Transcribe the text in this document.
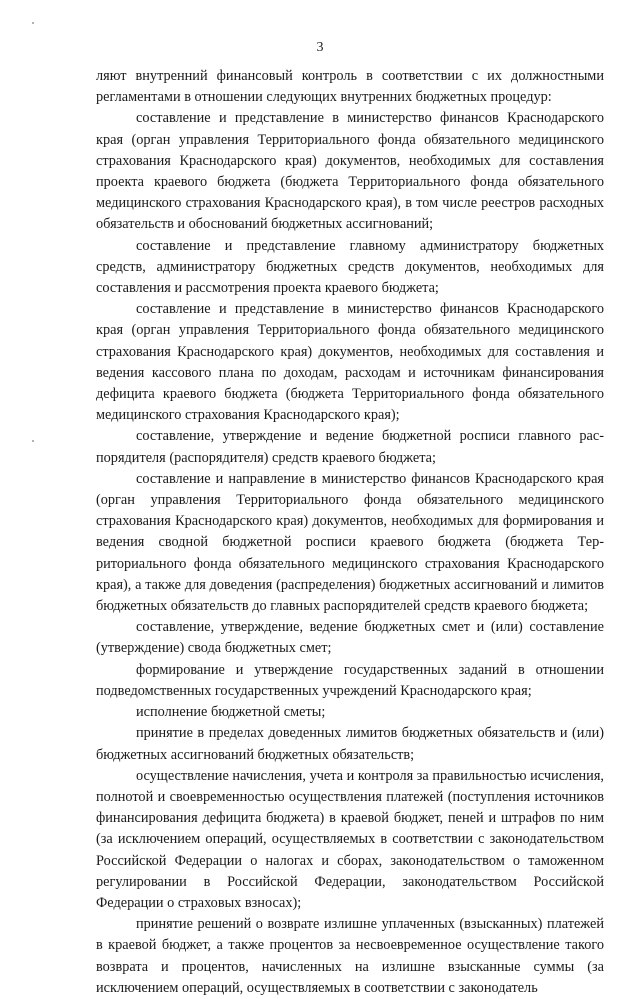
3

ляют внутренний финансовый контроль в соответствии с их должностными регламентами в отношении следующих внутренних бюджетных процедур:

составление и представление в министерство финансов Краснодарского края (орган управления Территориального фонда обязательного медицинского страхования Краснодарского края) документов, необходимых для составления проекта краевого бюджета (бюджета Территориального фонда обязательного медицинского страхования Краснодарского края), в том числе реестров расходных обязательств и обоснований бюджетных ассигнований;

составление и представление главному администратору бюджетных средств, администратору бюджетных средств документов, необходимых для составления и рассмотрения проекта краевого бюджета;

составление и представление в министерство финансов Краснодарского края (орган управления Территориального фонда обязательного медицинского страхования Краснодарского края) документов, необходимых для составления и ведения кассового плана по доходам, расходам и источникам финансирования дефицита краевого бюджета (бюджета Территориального фонда обязательного медицинского страхования Краснодарского края);

составление, утверждение и ведение бюджетной росписи главного распорядителя (распорядителя) средств краевого бюджета;

составление и направление в министерство финансов Краснодарского края (орган управления Территориального фонда обязательного медицинского страхования Краснодарского края) документов, необходимых для формирования и ведения сводной бюджетной росписи краевого бюджета (бюджета Территориального фонда обязательного медицинского страхования Краснодарского края), а также для доведения (распределения) бюджетных ассигнований и лимитов бюджетных обязательств до главных распорядителей средств краевого бюджета;

составление, утверждение, ведение бюджетных смет и (или) составление (утверждение) свода бюджетных смет;

формирование и утверждение государственных заданий в отношении подведомственных государственных учреждений Краснодарского края;

исполнение бюджетной сметы;

принятие в пределах доведенных лимитов бюджетных обязательств и (или) бюджетных ассигнований бюджетных обязательств;

осуществление начисления, учета и контроля за правильностью исчисления, полнотой и своевременностью осуществления платежей (поступления источников финансирования дефицита бюджета) в краевой бюджет, пеней и штрафов по ним (за исключением операций, осуществляемых в соответствии с законодательством Российской Федерации о налогах и сборах, законодательством о таможенном регулировании в Российской Федерации, законодательством Российской Федерации о страховых взносах);

принятие решений о возврате излишне уплаченных (взысканных) платежей в краевой бюджет, а также процентов за несвоевременное осуществление такого возврата и процентов, начисленных на излишне взысканные суммы (за исключением операций, осуществляемых в соответствии с законодатель
